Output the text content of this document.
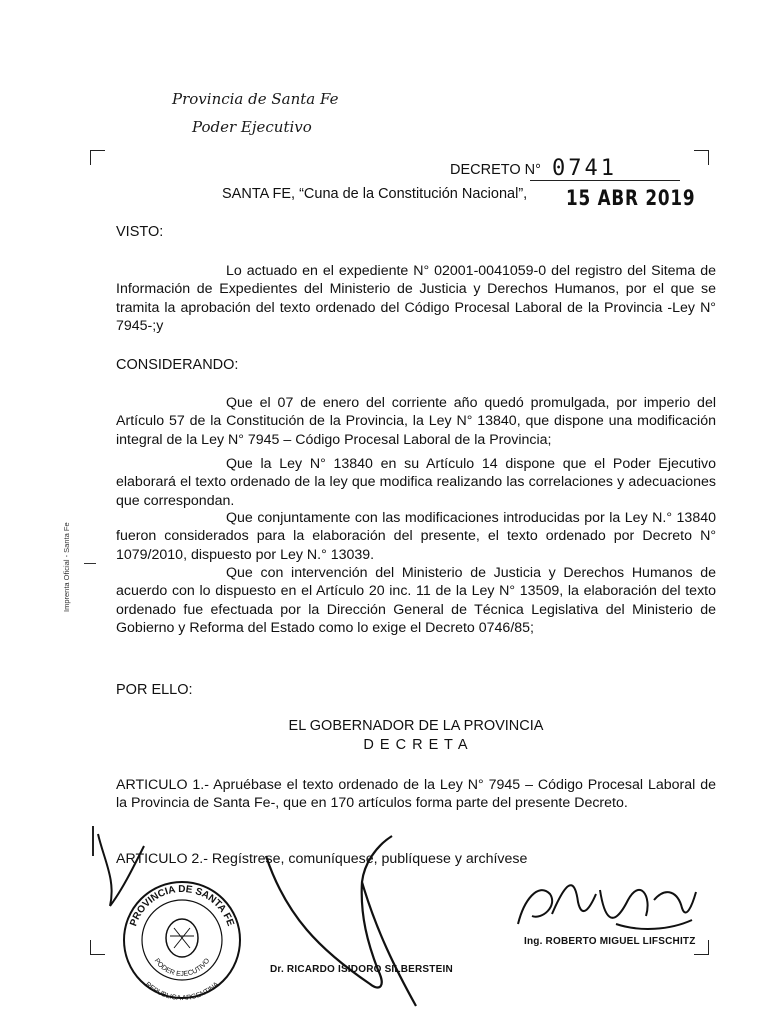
Provincia de Santa Fe
Poder Ejecutivo
DECRETO N° 0741
SANTA FE, “Cuna de la Constitución Nacional”, 15 ABR 2019
VISTO:
Lo actuado en el expediente N° 02001-0041059-0 del registro del Sitema de Información de Expedientes del Ministerio de Justicia y Derechos Humanos, por el que se tramita la aprobación del texto ordenado del Código Procesal Laboral de la Provincia -Ley N° 7945-;y
CONSIDERANDO:
Que el 07 de enero del corriente año quedó promulgada, por imperio del Artículo 57 de la Constitución de la Provincia, la Ley N° 13840, que dispone una modificación integral de la Ley N° 7945 – Código Procesal Laboral de la Provincia;
Que la Ley N° 13840 en su Artículo 14 dispone que el Poder Ejecutivo elaborará el texto ordenado de la ley que modifica realizando las correlaciones y adecuaciones que correspondan.
Que conjuntamente con las modificaciones introducidas por la Ley N.° 13840 fueron considerados para la elaboración del presente, el texto ordenado por Decreto N° 1079/2010, dispuesto por Ley N.° 13039.
Que con intervención del Ministerio de Justicia y Derechos Humanos de acuerdo con lo dispuesto en el Artículo 20 inc. 11 de la Ley N° 13509, la elaboración del texto ordenado fue efectuada por la Dirección General de Técnica Legislativa del Ministerio de Gobierno y Reforma del Estado como lo exige el Decreto 0746/85;
POR ELLO:
EL GOBERNADOR DE LA PROVINCIA
D E C R E T A
ARTICULO 1.- Apruébase el texto ordenado de la Ley N° 7945 – Código Procesal Laboral de la Provincia de Santa Fe-, que en 170 artículos forma parte del presente Decreto.
ARTICULO 2.- Regístrese, comuníquese, publíquese y archívese
Imprenta Oficial - Santa Fe
PROVINCIA DE SANTA FE
PODER EJECUTIVO
REPUBLICA ARGENTINA
Dr. RICARDO ISIDORO SILBERSTEIN
Ing. ROBERTO MIGUEL LIFSCHITZ
